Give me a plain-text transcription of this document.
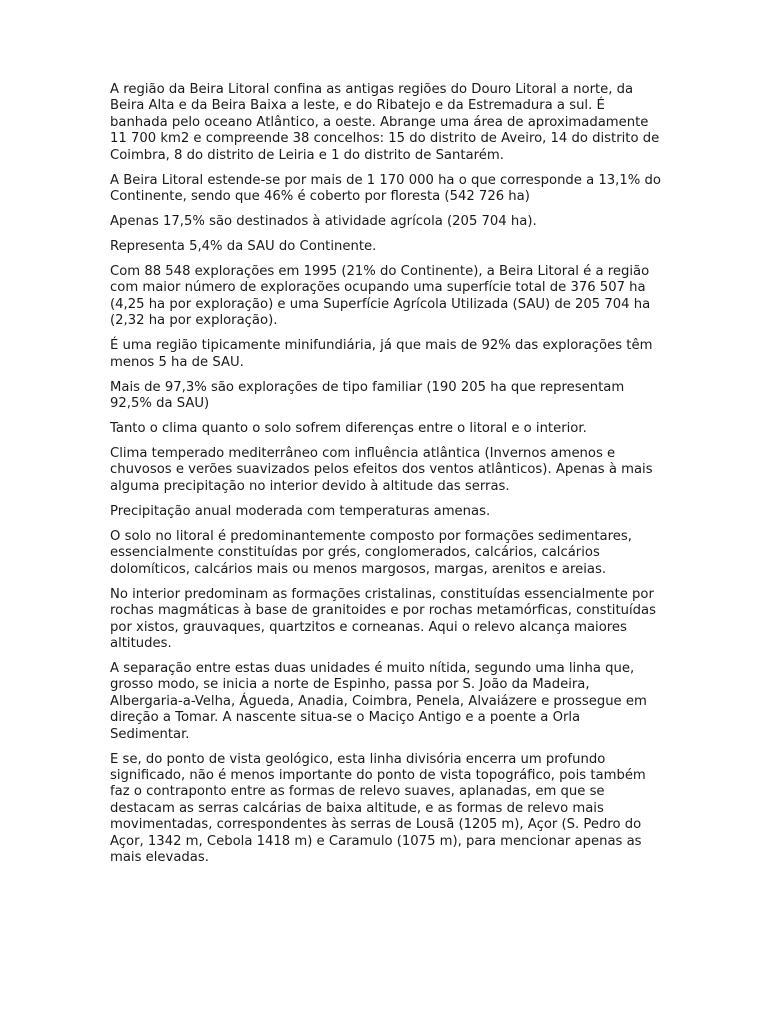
A região da Beira Litoral confina as antigas regiões do Douro Litoral a norte, da Beira Alta e da Beira Baixa a leste, e do Ribatejo e da Estremadura a sul. É banhada pelo oceano Atlântico, a oeste. Abrange uma área de aproximadamente 11 700 km2 e compreende 38 concelhos: 15 do distrito de Aveiro, 14 do distrito de Coimbra, 8 do distrito de Leiria e 1 do distrito de Santarém.

A Beira Litoral estende-se por mais de 1 170 000 ha o que corresponde a 13,1% do Continente, sendo que 46% é coberto por floresta (542 726 ha)

Apenas 17,5% são destinados à atividade agrícola (205 704 ha).

Representa 5,4% da SAU do Continente.

Com 88 548 explorações em 1995 (21% do Continente), a Beira Litoral é a região com maior número de explorações ocupando uma superfície total de 376 507 ha (4,25 ha por exploração) e uma Superfície Agrícola Utilizada (SAU) de 205 704 ha (2,32 ha por exploração).

É uma região tipicamente minifundiária, já que mais de 92% das explorações têm menos 5 ha de SAU.

Mais de 97,3% são explorações de tipo familiar (190 205 ha que representam 92,5% da SAU)

Tanto o clima quanto o solo sofrem diferenças entre o litoral e o interior.

Clima temperado mediterrâneo com influência atlântica (Invernos amenos e chuvosos e verões suavizados pelos efeitos dos ventos atlânticos). Apenas à mais alguma precipitação no interior devido à altitude das serras.

Precipitação anual moderada com temperaturas amenas.

O solo no litoral é predominantemente composto por formações sedimentares, essencialmente constituídas por grés, conglomerados, calcários, calcários dolomíticos, calcários mais ou menos margosos, margas, arenitos e areias.

No interior predominam as formações cristalinas, constituídas essencialmente por rochas magmáticas à base de granitoides e por rochas metamórficas, constituídas por xistos, grauvaques, quartzitos e corneanas. Aqui o relevo alcança maiores altitudes.

A separação entre estas duas unidades é muito nítida, segundo uma linha que, grosso modo, se inicia a norte de Espinho, passa por S. João da Madeira, Albergaria-a-Velha, Águeda, Anadia, Coimbra, Penela, Alvaiázere e prossegue em direção a Tomar. A nascente situa-se o Maciço Antigo e a poente a Orla Sedimentar.

E se, do ponto de vista geológico, esta linha divisória encerra um profundo significado, não é menos importante do ponto de vista topográfico, pois também faz o contraponto entre as formas de relevo suaves, aplanadas, em que se destacam as serras calcárias de baixa altitude, e as formas de relevo mais movimentadas, correspondentes às serras de Lousã (1205 m), Açor (S. Pedro do Açor, 1342 m, Cebola 1418 m) e Caramulo (1075 m), para mencionar apenas as mais elevadas.
